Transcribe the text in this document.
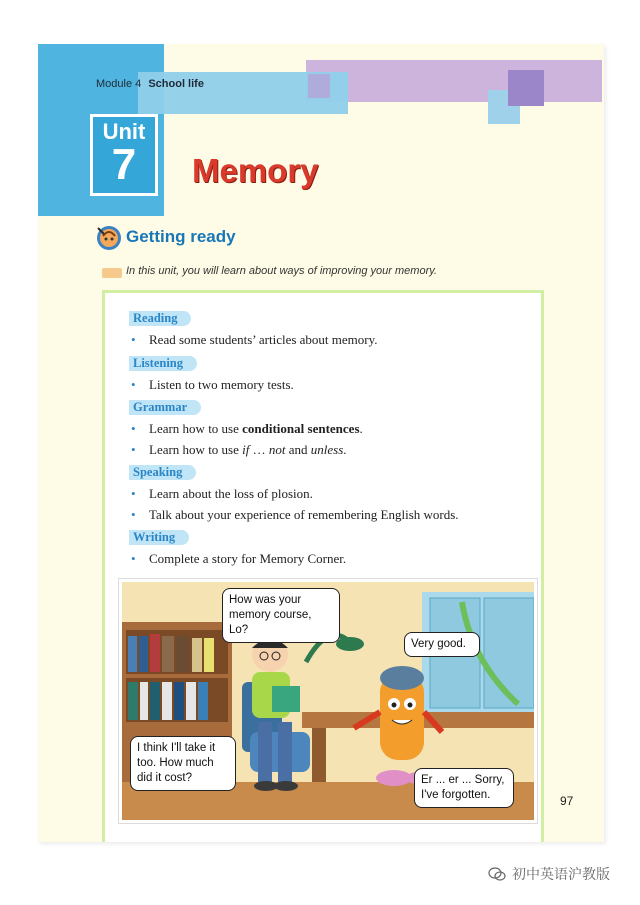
Module 4 School life
Unit
7	Memory
Getting ready
In this unit, you will learn about ways of improving your memory.
Reading
• Read some students’ articles about memory.
Listening
• Listen to two memory tests.
Grammar
• Learn how to use conditional sentences.
• Learn how to use if … not and unless.
Speaking
• Learn about the loss of plosion.
• Talk about your experience of remembering English words.
Writing
• Complete a story for Memory Corner.
How was your memory course, Lo?
Very good.
I think I'll take it too. How much did it cost?	Er ... er ... Sorry, I've forgotten.	97
初中英语沪教版
